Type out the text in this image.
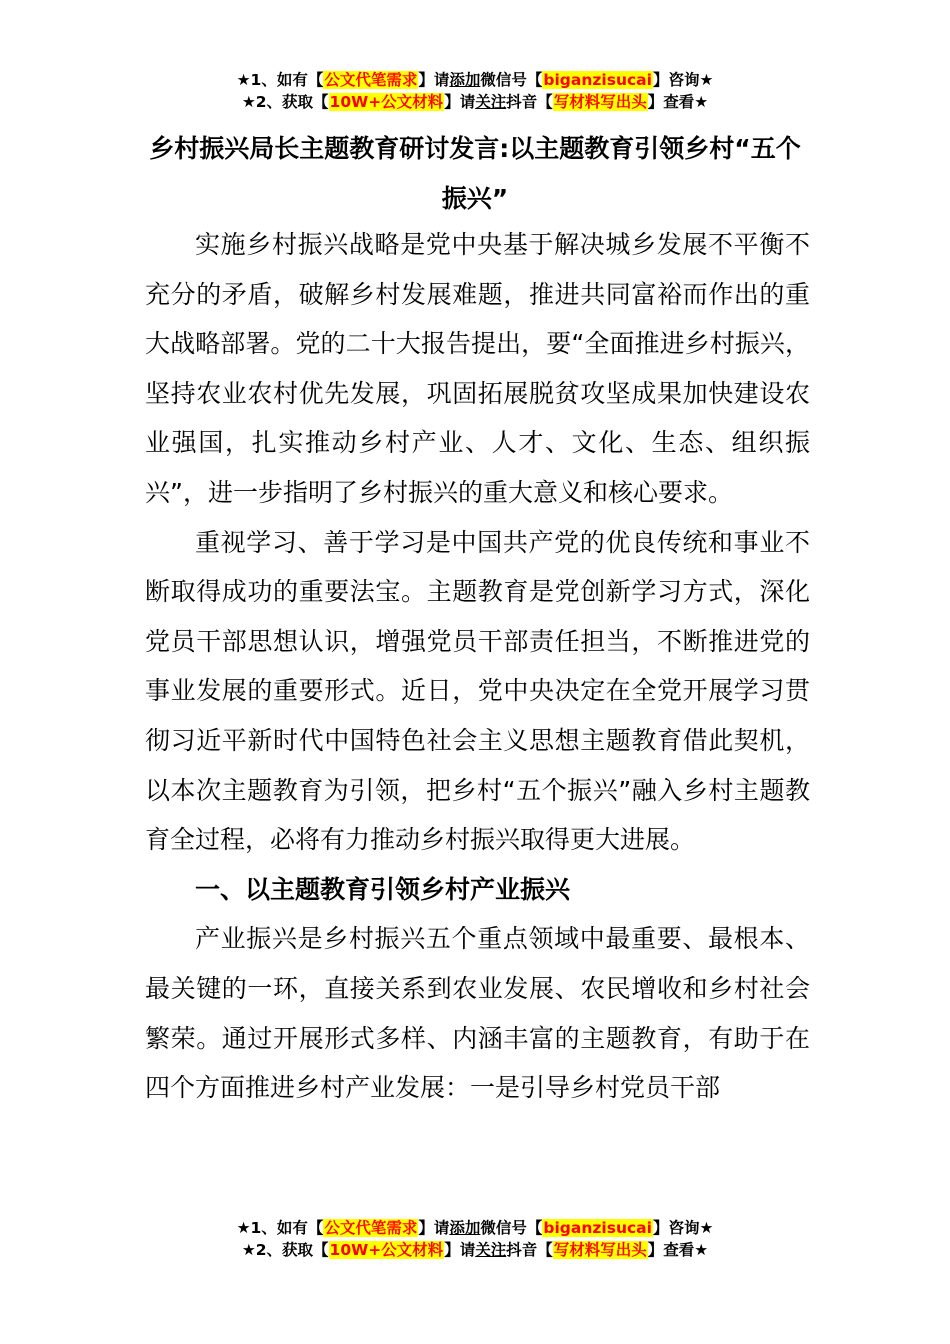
★1、如有【公文代笔需求】请添加微信号【biganzisucai】咨询★
★2、获取【10W+公文材料】请关注抖音【写材料写出头】查看★
乡村振兴局长主题教育研讨发言:以主题教育引领乡村“五个振兴”

实施乡村振兴战略是党中央基于解决城乡发展不平衡不充分的矛盾，破解乡村发展难题，推进共同富裕而作出的重大战略部署。党的二十大报告提出，要“全面推进乡村振兴，坚持农业农村优先发展，巩固拓展脱贫攻坚成果加快建设农业强国，扎实推动乡村产业、人才、文化、生态、组织振兴”，进一步指明了乡村振兴的重大意义和核心要求。

重视学习、善于学习是中国共产党的优良传统和事业不断取得成功的重要法宝。主题教育是党创新学习方式，深化党员干部思想认识，增强党员干部责任担当，不断推进党的事业发展的重要形式。近日，党中央决定在全党开展学习贯彻习近平新时代中国特色社会主义思想主题教育借此契机，以本次主题教育为引领，把乡村“五个振兴”融入乡村主题教育全过程，必将有力推动乡村振兴取得更大进展。

一、以主题教育引领乡村产业振兴

产业振兴是乡村振兴五个重点领域中最重要、最根本、最关键的一环，直接关系到农业发展、农民增收和乡村社会繁荣。通过开展形式多样、内涵丰富的主题教育，有助于在四个方面推进乡村产业发展：一是引导乡村党员干部

★1、如有【公文代笔需求】请添加微信号【biganzisucai】咨询★
★2、获取【10W+公文材料】请关注抖音【写材料写出头】查看★
